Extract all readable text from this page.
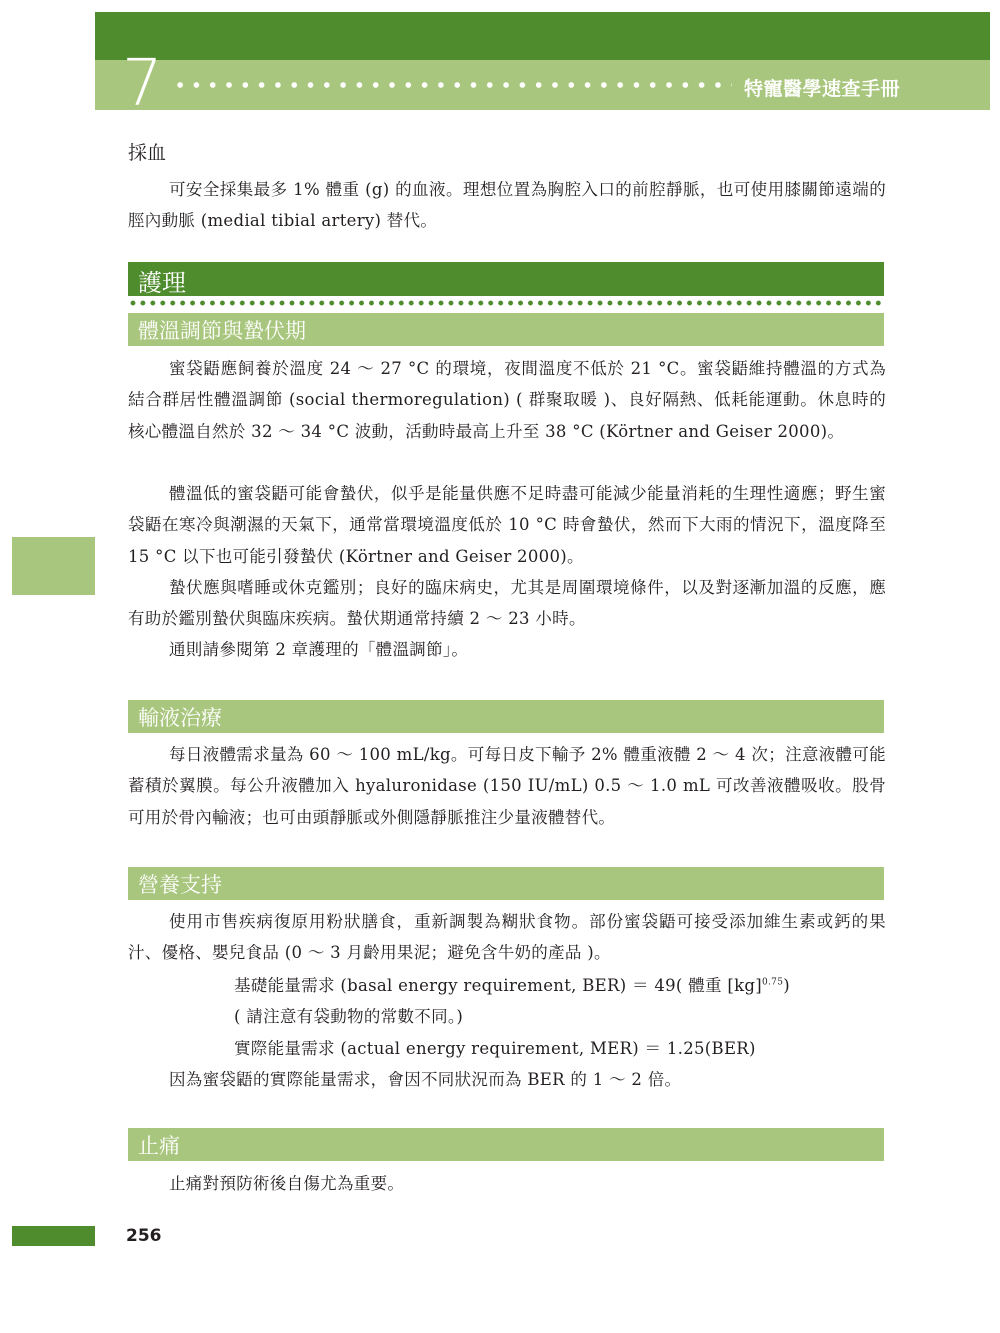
7	特寵醫學速查手冊
採血

可安全採集最多 1% 體重 (g) 的血液。理想位置為胸腔入口的前腔靜脈，也可使用膝關節遠端的脛內動脈 (medial tibial artery) 替代。

護理
體溫調節與蟄伏期

蜜袋鼯應飼養於溫度 24 ～ 27 °C 的環境，夜間溫度不低於 21 °C。蜜袋鼯維持體溫的方式為結合群居性體溫調節 (social thermoregulation) ( 群聚取暖 )、良好隔熱、低耗能運動。休息時的核心體溫自然於 32 ～ 34 °C 波動，活動時最高上升至 38 °C (Körtner and Geiser 2000)。

體溫低的蜜袋鼯可能會蟄伏，似乎是能量供應不足時盡可能減少能量消耗的生理性適應；野生蜜袋鼯在寒冷與潮濕的天氣下，通常當環境溫度低於 10 °C 時會蟄伏，然而下大雨的情況下，溫度降至 15 °C 以下也可能引發蟄伏 (Körtner and Geiser 2000)。

蟄伏應與嗜睡或休克鑑別；良好的臨床病史，尤其是周圍環境條件，以及對逐漸加溫的反應，應有助於鑑別蟄伏與臨床疾病。蟄伏期通常持續 2 ～ 23 小時。

通則請參閱第 2 章護理的「體溫調節」。

輸液治療

每日液體需求量為 60 ～ 100 mL/kg。可每日皮下輸予 2% 體重液體 2 ～ 4 次；注意液體可能蓄積於翼膜。每公升液體加入 hyaluronidase (150 IU/mL) 0.5 ～ 1.0 mL 可改善液體吸收。股骨可用於骨內輸液；也可由頭靜脈或外側隱靜脈推注少量液體替代。

營養支持

使用市售疾病復原用粉狀膳食，重新調製為糊狀食物。部份蜜袋鼯可接受添加維生素或鈣的果汁、優格、嬰兒食品 (0 ～ 3 月齡用果泥；避免含牛奶的產品 )。

基礎能量需求 (basal energy requirement, BER) ＝ 49( 體重 [kg]$^{0.75}$)
( 請注意有袋動物的常數不同。)
實際能量需求 (actual energy requirement, MER) ＝ 1.25(BER)
因為蜜袋鼯的實際能量需求，會因不同狀況而為 BER 的 1 ～ 2 倍。
止痛

止痛對預防術後自傷尤為重要。

256
